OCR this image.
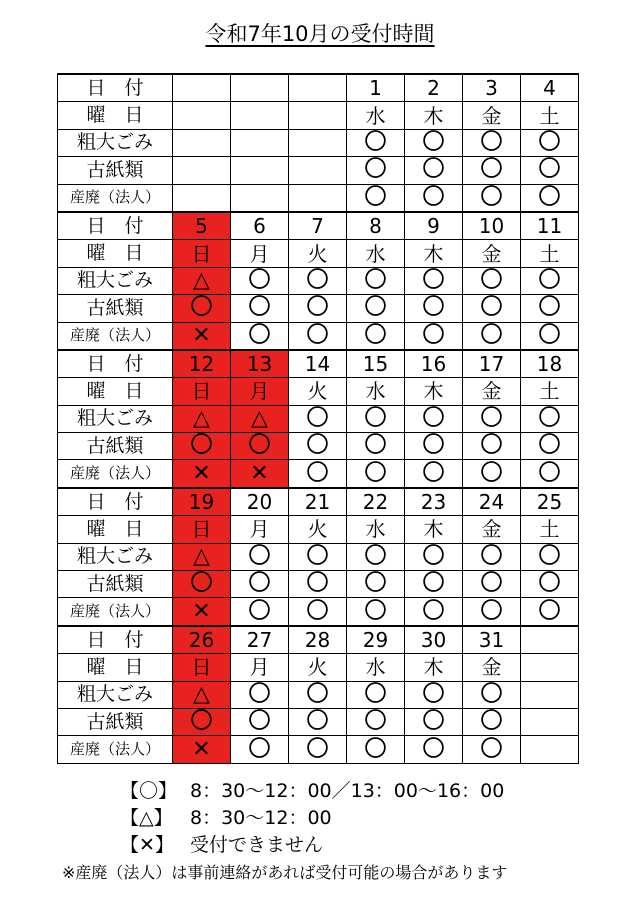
令和7年10月の受付時間
日　付				1	2	3	4
曜　日				水	木	金	土
粗大ごみ				〇	〇	〇	〇
古紙類				〇	〇	〇	〇
産廃（法人）				〇	〇	〇	〇
日　付	5	6	7	8	9	10	11
曜　日	日	月	火	水	木	金	土
粗大ごみ	△	〇	〇	〇	〇	〇	〇
古紙類	〇	〇	〇	〇	〇	〇	〇
産廃（法人）	✕	〇	〇	〇	〇	〇	〇
日　付	12	13	14	15	16	17	18
曜　日	日	月	火	水	木	金	土
粗大ごみ	△	△	〇	〇	〇	〇	〇
古紙類	〇	〇	〇	〇	〇	〇	〇
産廃（法人）	✕	✕	〇	〇	〇	〇	〇
日　付	19	20	21	22	23	24	25
曜　日	日	月	火	水	木	金	土
粗大ごみ	△	〇	〇	〇	〇	〇	〇
古紙類	〇	〇	〇	〇	〇	〇	〇
産廃（法人）	✕	〇	〇	〇	〇	〇	〇
日　付	26	27	28	29	30	31	
曜　日	日	月	火	水	木	金	
粗大ごみ	△	〇	〇	〇	〇	〇	
古紙類	〇	〇	〇	〇	〇	〇	
産廃（法人）	✕	〇	〇	〇	〇	〇	
【〇】 8：30～12：00／13：00～16：00
【△】 8：30～12：00
【✕】 受付できません
※産廃（法人）は事前連絡があれば受付可能の場合があります
